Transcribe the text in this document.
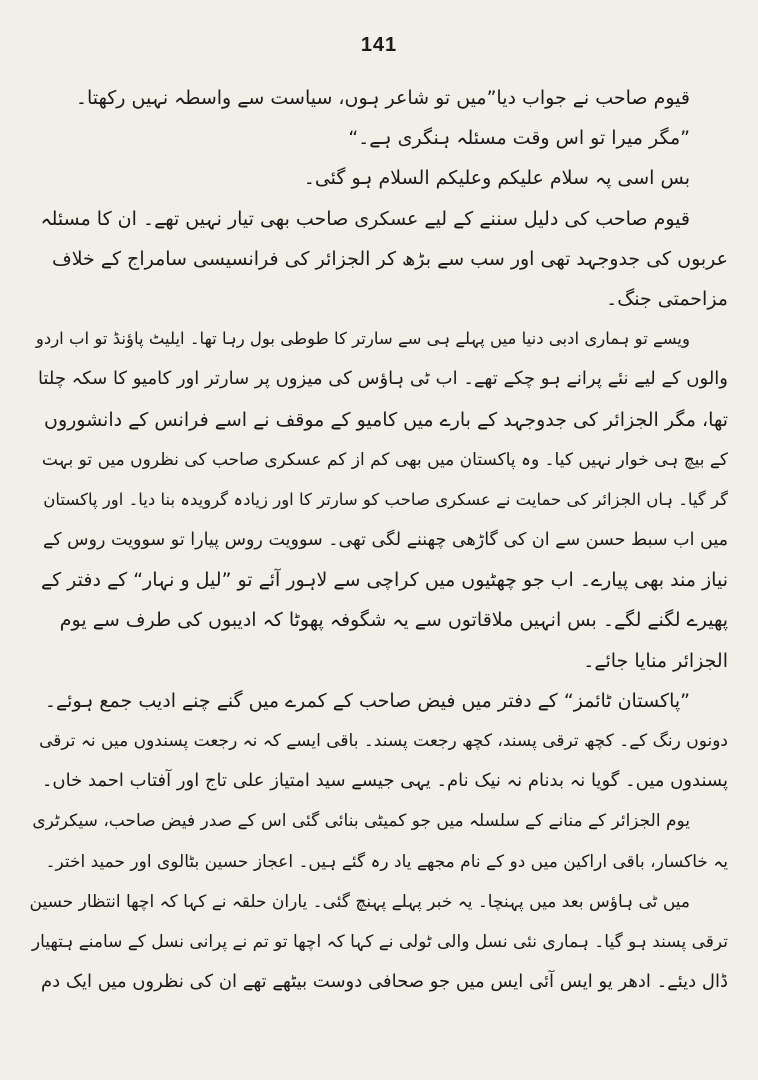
141
قیوم صاحب نے جواب دیا”میں تو شاعر ہوں، سیاست سے واسطہ نہیں رکھتا۔
”مگر میرا تو اس وقت مسئلہ ہنگری ہے۔“
بس اسی پہ سلام علیکم وعلیکم السلام ہو گئی۔
قیوم صاحب کی دلیل سننے کے لیے عسکری صاحب بھی تیار نہیں تھے۔ ان کا مسئلہ
عربوں کی جدوجہد تھی اور سب سے بڑھ کر الجزائر کی فرانسیسی سامراج کے خلاف
مزاحمتی جنگ۔
ویسے تو ہماری ادبی دنیا میں پہلے ہی سے سارتر کا طوطی بول رہا تھا۔ ایلیٹ پاؤنڈ تو اب اردو
والوں کے لیے نئے پرانے ہو چکے تھے۔ اب ٹی ہاؤس کی میزوں پر سارتر اور کامیو کا سکہ چلتا
تھا، مگر الجزائر کی جدوجہد کے بارے میں کامیو کے موقف نے اسے فرانس کے دانشوروں
کے بیچ ہی خوار نہیں کیا۔ وہ پاکستان میں بھی کم از کم عسکری صاحب کی نظروں میں تو بہت
گر گیا۔ ہاں الجزائر کی حمایت نے عسکری صاحب کو سارتر کا اور زیادہ گرویدہ بنا دیا۔ اور پاکستان
میں اب سبط حسن سے ان کی گاڑھی چھننے لگی تھی۔ سوویت روس پیارا تو سوویت روس کے
نیاز مند بھی پیارے۔ اب جو چھٹیوں میں کراچی سے لاہور آئے تو ”لیل و نہار“ کے دفتر کے
پھیرے لگنے لگے۔ بس انہیں ملاقاتوں سے یہ شگوفہ پھوٹا کہ ادیبوں کی طرف سے یوم
الجزائر منایا جائے۔
”پاکستان ٹائمز“ کے دفتر میں فیض صاحب کے کمرے میں گنے چنے ادیب جمع ہوئے۔
دونوں رنگ کے۔ کچھ ترقی پسند، کچھ رجعت پسند۔ باقی ایسے کہ نہ رجعت پسندوں میں نہ ترقی
پسندوں میں۔ گویا نہ بدنام نہ نیک نام۔ یہی جیسے سید امتیاز علی تاج اور آفتاب احمد خاں۔
یوم الجزائر کے منانے کے سلسلہ میں جو کمیٹی بنائی گئی اس کے صدر فیض صاحب، سیکرٹری
یہ خاکسار، باقی اراکین میں دو کے نام مجھے یاد رہ گئے ہیں۔ اعجاز حسین بٹالوی اور حمید اختر۔
میں ٹی ہاؤس بعد میں پہنچا۔ یہ خبر پہلے پہنچ گئی۔ یاران حلقہ نے کہا کہ اچھا انتظار حسین
ترقی پسند ہو گیا۔ ہماری نئی نسل والی ٹولی نے کہا کہ اچھا تو تم نے پرانی نسل کے سامنے ہتھیار
ڈال دیئے۔ ادھر یو ایس آئی ایس میں جو صحافی دوست بیٹھے تھے ان کی نظروں میں ایک دم
